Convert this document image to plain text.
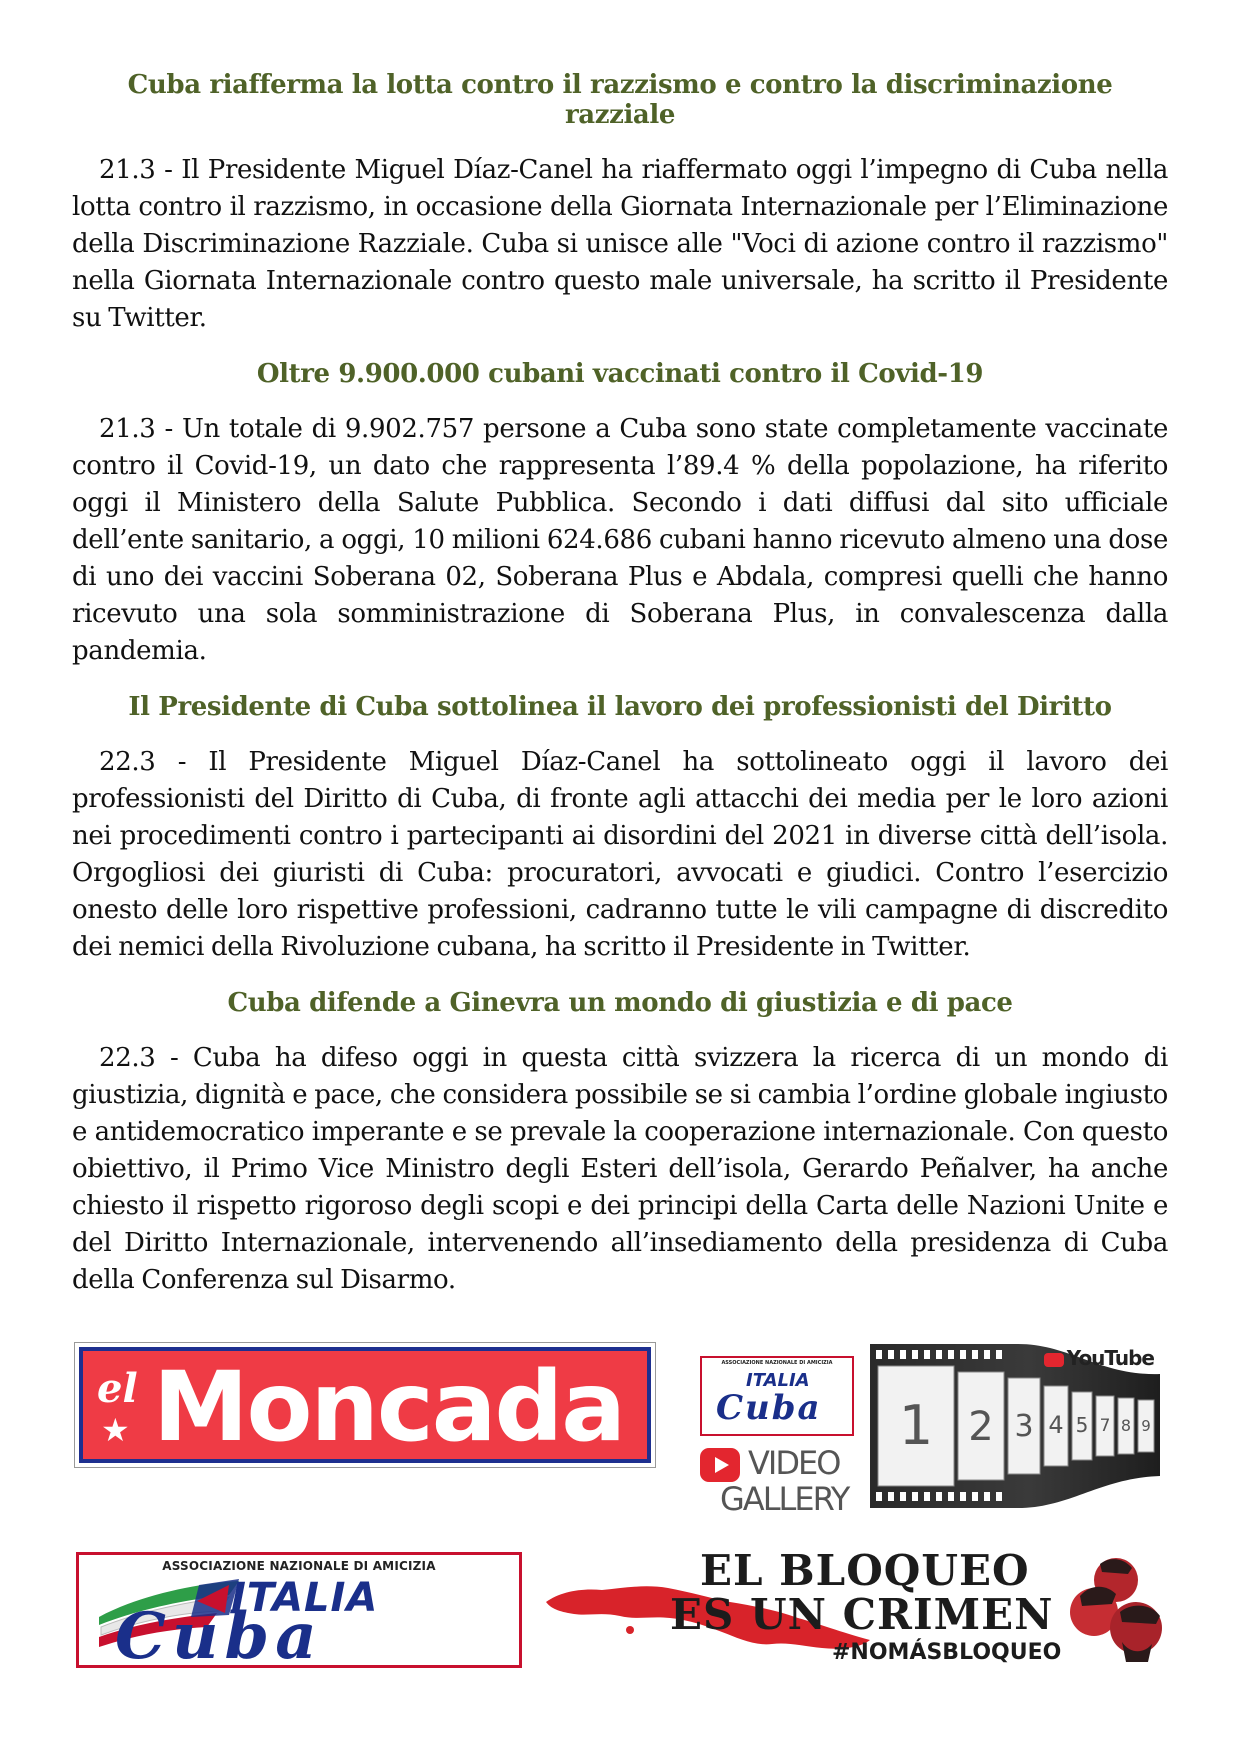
Cuba riafferma la lotta contro il razzismo e contro la discriminazione razziale

21.3 - Il Presidente Miguel Díaz-Canel ha riaffermato oggi l’impegno di Cuba nella lotta contro il razzismo, in occasione della Giornata Internazionale per l’Eliminazione della Discriminazione Razziale. Cuba si unisce alle "Voci di azione contro il razzismo" nella Giornata Internazionale contro questo male universale, ha scritto il Presidente su Twitter.

Oltre 9.900.000 cubani vaccinati contro il Covid-19

21.3 - Un totale di 9.902.757 persone a Cuba sono state completamente vaccinate contro il Covid-19, un dato che rappresenta l’89.4 % della popolazione, ha riferito oggi il Ministero della Salute Pubblica. Secondo i dati diffusi dal sito ufficiale dell’ente sanitario, a oggi, 10 milioni 624.686 cubani hanno ricevuto almeno una dose di uno dei vaccini Soberana 02, Soberana Plus e Abdala, compresi quelli che hanno ricevuto una sola somministrazione di Soberana Plus, in convalescenza dalla pandemia.

Il Presidente di Cuba sottolinea il lavoro dei professionisti del Diritto

22.3 - Il Presidente Miguel Díaz-Canel ha sottolineato oggi il lavoro dei professionisti del Diritto di Cuba, di fronte agli attacchi dei media per le loro azioni nei procedimenti contro i partecipanti ai disordini del 2021 in diverse città dell’isola. Orgogliosi dei giuristi di Cuba: procuratori, avvocati e giudici. Contro l’esercizio onesto delle loro rispettive professioni, cadranno tutte le vili campagne di discredito dei nemici della Rivoluzione cubana, ha scritto il Presidente in Twitter.

Cuba difende a Ginevra un mondo di giustizia e di pace

22.3 - Cuba ha difeso oggi in questa città svizzera la ricerca di un mondo di giustizia, dignità e pace, che considera possibile se si cambia l’ordine globale ingiusto e antidemocratico imperante e se prevale la cooperazione internazionale. Con questo obiettivo, il Primo Vice Ministro degli Esteri dell’isola, Gerardo Peñalver, ha anche chiesto il rispetto rigoroso degli scopi e dei principi della Carta delle Nazioni Unite e del Diritto Internazionale, intervenendo all’insediamento della presidenza di Cuba della Conferenza sul Disarmo.

el
★ Moncada	ASSOCIAZIONE NAZIONALE DI AMICIZIA
ITALIA
Cuba
VIDEO
GALLERY
1 2 3 4 5 7 8 9
YouTube
ASSOCIAZIONE NAZIONALE DI AMICIZIA
ITALIA
Cuba
EL BLOQUEO
ES UN CRIMEN
#NOMÁSBLOQUEO
